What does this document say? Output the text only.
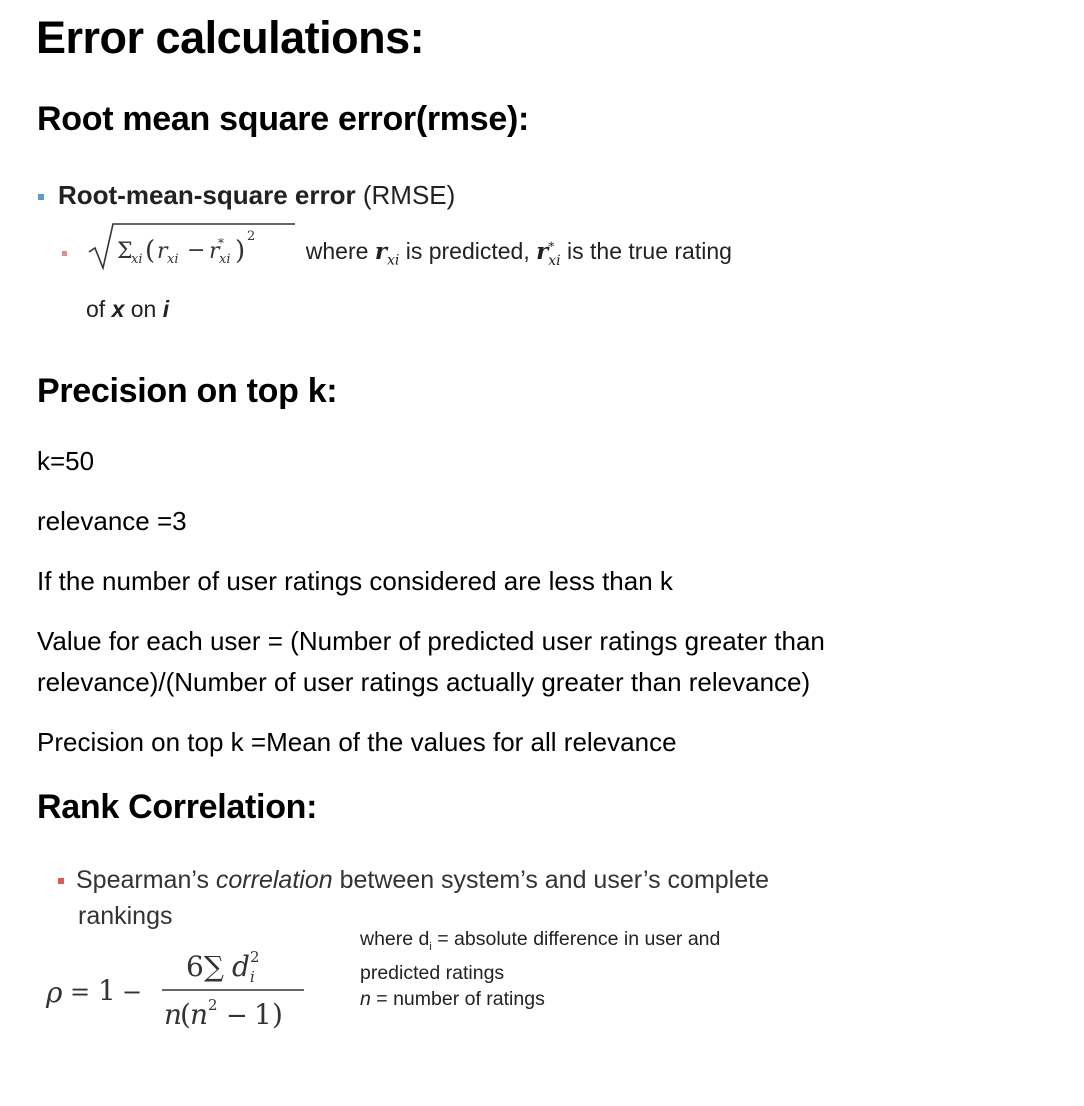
Error calculations:
Root mean square error(rmse):
Root-mean-square error (RMSE)

Σ
xi ( r xi − r
*
xi ) 2
where $r_{xi}$ is predicted, $r^*_{xi}$ is the true rating
of x on i
Precision on top k:
k=50
relevance =3
If the number of user ratings considered are less than k
Value for each user = (Number of predicted user ratings greater than
relevance)/(Number of user ratings actually greater than relevance)
Precision on top k =Mean of the values for all relevance
Rank Correlation:
Spearman’s correlation between system’s and user’s complete
rankings
ρ = 1 −
6 ∑ d 2
i
n
( n 2 − 1 )
where $d_i$ = absolute difference in user and
predicted ratings
n = number of ratings
